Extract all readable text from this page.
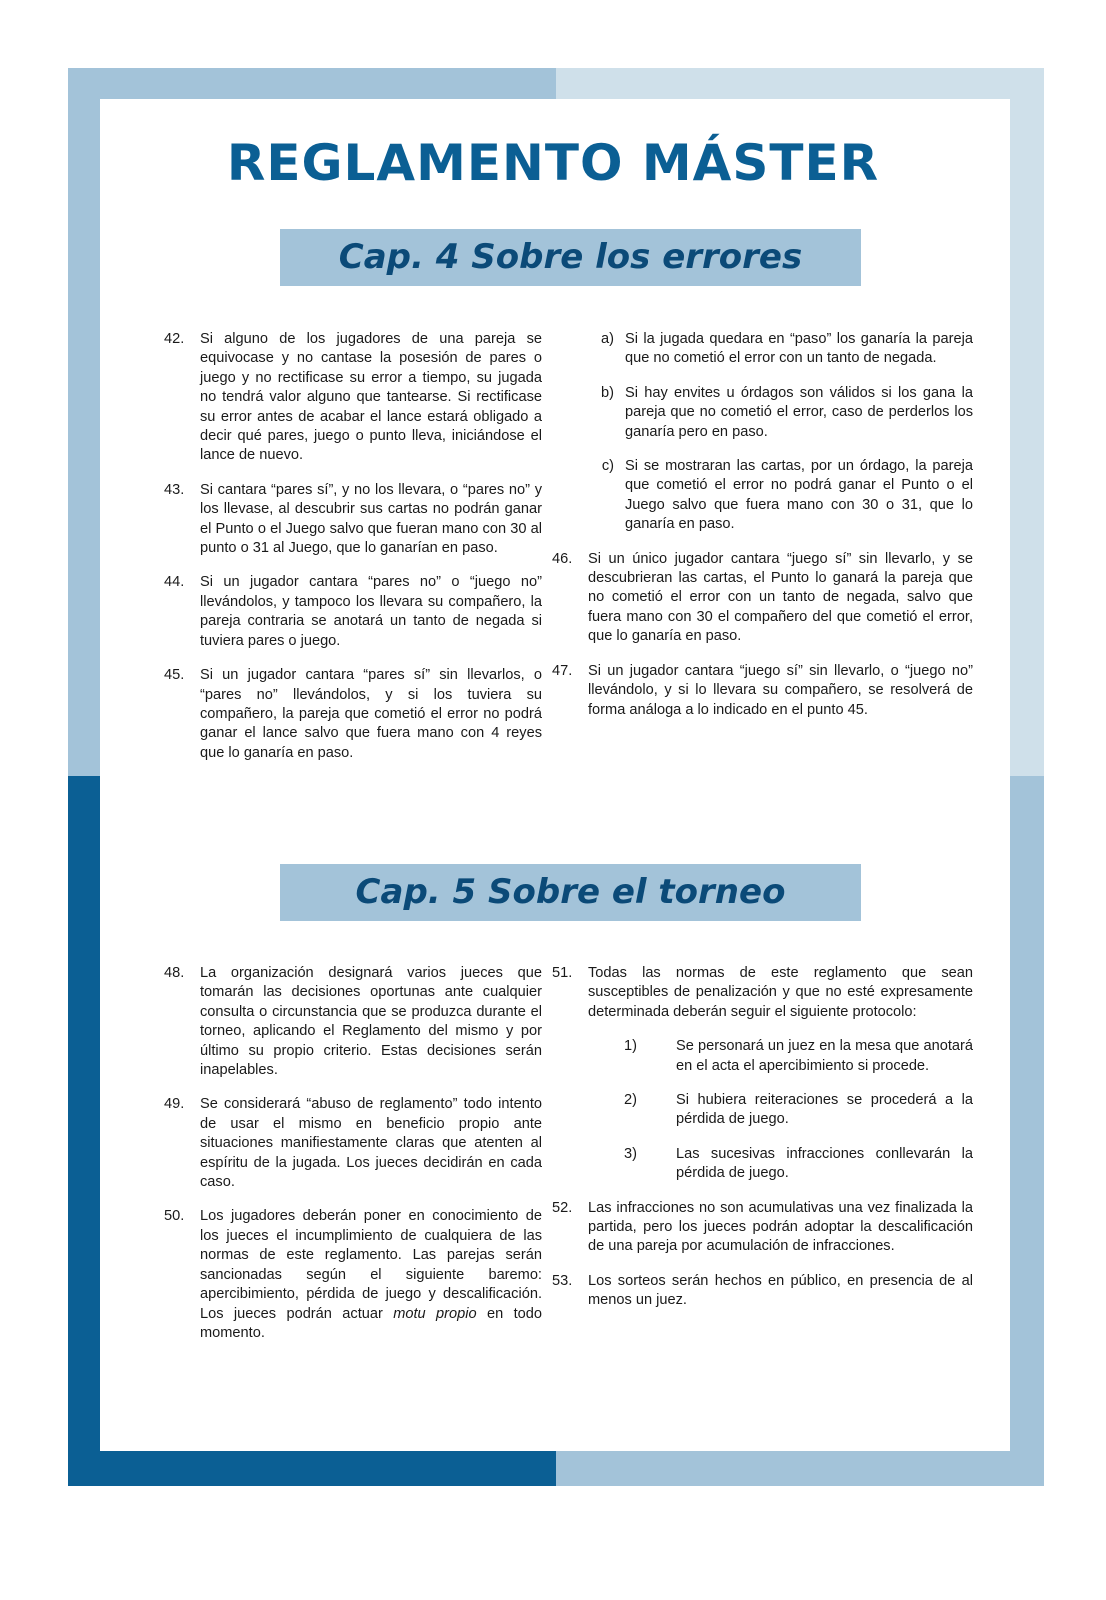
REGLAMENTO MÁSTER
Cap. 4 Sobre los errores
42.	Si alguno de los jugadores de una pareja se equivocase y no cantase la posesión de pares o juego y no rectificase su error a tiempo, su jugada no tendrá valor alguno que tantearse. Si rectificase su error antes de acabar el lance estará obligado a decir qué pares, juego o punto lleva, iniciándose el lance de nuevo.
43.	Si cantara “pares sí”, y no los llevara, o “pares no” y los llevase, al descubrir sus cartas no podrán ganar el Punto o el Juego salvo que fueran mano con 30 al punto o 31 al Juego, que lo ganarían en paso.
44.	Si un jugador cantara “pares no” o “juego no” llevándolos, y tampoco los llevara su compañero, la pareja contraria se anotará un tanto de negada si tuviera pares o juego.
45.	Si un jugador cantara “pares sí” sin llevarlos, o “pares no” llevándolos, y si los tuviera su compañero, la pareja que cometió el error no podrá ganar el lance salvo que fuera mano con 4 reyes que lo ganaría en paso.
a) Si la jugada quedara en “paso” los ganaría la pareja que no cometió el error con un tanto de negada.
b) Si hay envites u órdagos son válidos si los gana la pareja que no cometió el error, caso de perderlos los ganaría pero en paso.
c) Si se mostraran las cartas, por un órdago, la pareja que cometió el error no podrá ganar el Punto o el Juego salvo que fuera mano con 30 o 31, que lo ganaría en paso.
46.	Si un único jugador cantara “juego sí” sin llevarlo, y se descubrieran las cartas, el Punto lo ganará la pareja que no cometió el error con un tanto de negada, salvo que fuera mano con 30 el compañero del que cometió el error, que lo ganaría en paso.
47.	Si un jugador cantara “juego sí” sin llevarlo, o “juego no” llevándolo, y si lo llevara su compañero, se resolverá de forma análoga a lo indicado en el punto 45.
Cap. 5 Sobre el torneo
48.	La organización designará varios jueces que tomarán las decisiones oportunas ante cualquier consulta o circunstancia que se produzca durante el torneo, aplicando el Reglamento del mismo y por último su propio criterio. Estas decisiones serán inapelables.
49.	Se considerará “abuso de reglamento” todo intento de usar el mismo en beneficio propio ante situaciones manifiestamente claras que atenten al espíritu de la jugada. Los jueces decidirán en cada caso.
50.	Los jugadores deberán poner en conocimiento de los jueces el incumplimiento de cualquiera de las normas de este reglamento. Las parejas serán sancionadas según el siguiente baremo: apercibimiento, pérdida de juego y descalificación. Los jueces podrán actuar motu propio en todo momento.
51.	Todas las normas de este reglamento que sean susceptibles de penalización y que no esté expresamente determinada deberán seguir el siguiente protocolo:
1)	Se personará un juez en la mesa que anotará en el acta el apercibimiento si procede.
2)	Si hubiera reiteraciones se procederá a la pérdida de juego.
3)	Las sucesivas infracciones conllevarán la pérdida de juego.
52.	Las infracciones no son acumulativas una vez finalizada la partida, pero los jueces podrán adoptar la descalificación de una pareja por acumulación de infracciones.
53.	Los sorteos serán hechos en público, en presencia de al menos un juez.
